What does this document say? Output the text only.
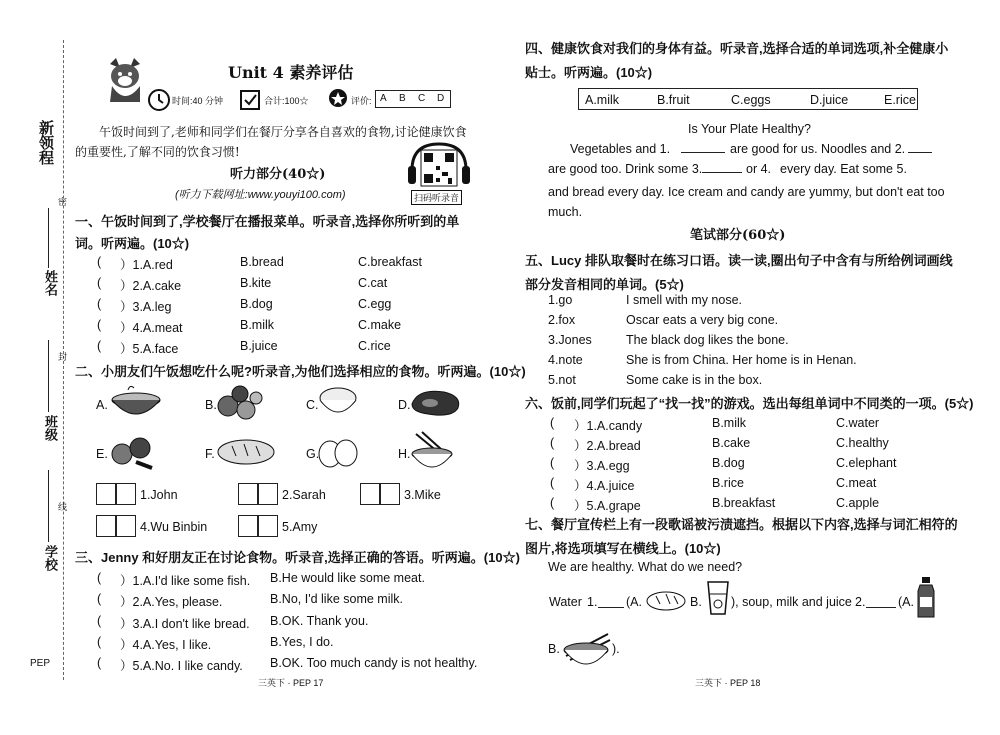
新领程
姓名
班级
学校
密
封
线
PEP
Unit 4 素养评估
时间:40 分钟	合计:100☆	评价: A B C D
午饭时间到了,老师和同学们在餐厅分享各自喜欢的食物,讨论健康饮食的重要性,了解不同的饮食习惯!
听力部分(40☆)
(听力下载网址:www.youyi100.com)	扫码听录音
一、午饭时间到了,学校餐厅在播报菜单。听录音,选择你所听到的单词。听两遍。(10☆)
( ）1.A.red	B.bread	C.breakfast
( ）2.A.cake	B.kite	C.cat
( ）3.A.leg	B.dog	C.egg
( ）4.A.meat	B.milk	C.make
( ）5.A.face	B.juice	C.rice
二、小朋友们午饭想吃什么呢?听录音,为他们选择相应的食物。听两遍。(10☆)
A.	B.	C.	D.
E.	F.	G.	H.
1.John	2.Sarah	3.Mike
4.Wu Binbin	5.Amy
三、Jenny 和好朋友正在讨论食物。听录音,选择正确的答语。听两遍。(10☆)
( ）1.A.I'd like some fish. B.He would like some meat.
( ）2.A.Yes, please.	B.No, I'd like some milk.
( ）3.A.I don't like bread. B.OK. Thank you.
( ）4.A.Yes, I like.	B.Yes, I do.
( ）5.A.No. I like candy. B.OK. Too much candy is not healthy.
三英下 · PEP 17
四、健康饮食对我们的身体有益。听录音,选择合适的单词选项,补全健康小贴士。听两遍。(10☆)
A.milk	B.fruit	C.eggs	D.juice	E.rice
Is Your Plate Healthy?
Vegetables and 1.	are good for us. Noodles and 2.
are good too. Drink some 3.	or 4. every day. Eat some 5.
and bread every day. Ice cream and candy are yummy, but don't eat too much.
笔试部分(60☆)
五、Lucy 排队取餐时在练习口语。读一读,圈出句子中含有与所给例词画线部分发音相同的单词。(5☆)
1.go	I smell with my nose.
2.fox	Oscar eats a very big cone.
3.Jones	The black dog likes the bone.
4.note	She is from China. Her home is in Henan.
5.not	Some cake is in the box.
六、饭前,同学们玩起了“找一找”的游戏。选出每组单词中不同类的一项。(5☆)
( ）1.A.candy	B.milk	C.water
( ）2.A.bread	B.cake	C.healthy
( ）3.A.egg	B.dog	C.elephant
( ）4.A.juice	B.rice	C.meat
( ）5.A.grape	B.breakfast	C.apple
七、餐厅宣传栏上有一段歌谣被污渍遮挡。根据以下内容,选择与词汇相符的图片,将选项填写在横线上。(10☆)
We are healthy. What do we need?
Water 1. (A.	B. ), soup, milk and juice 2.	(A.
B.	).
三英下 · PEP 18
